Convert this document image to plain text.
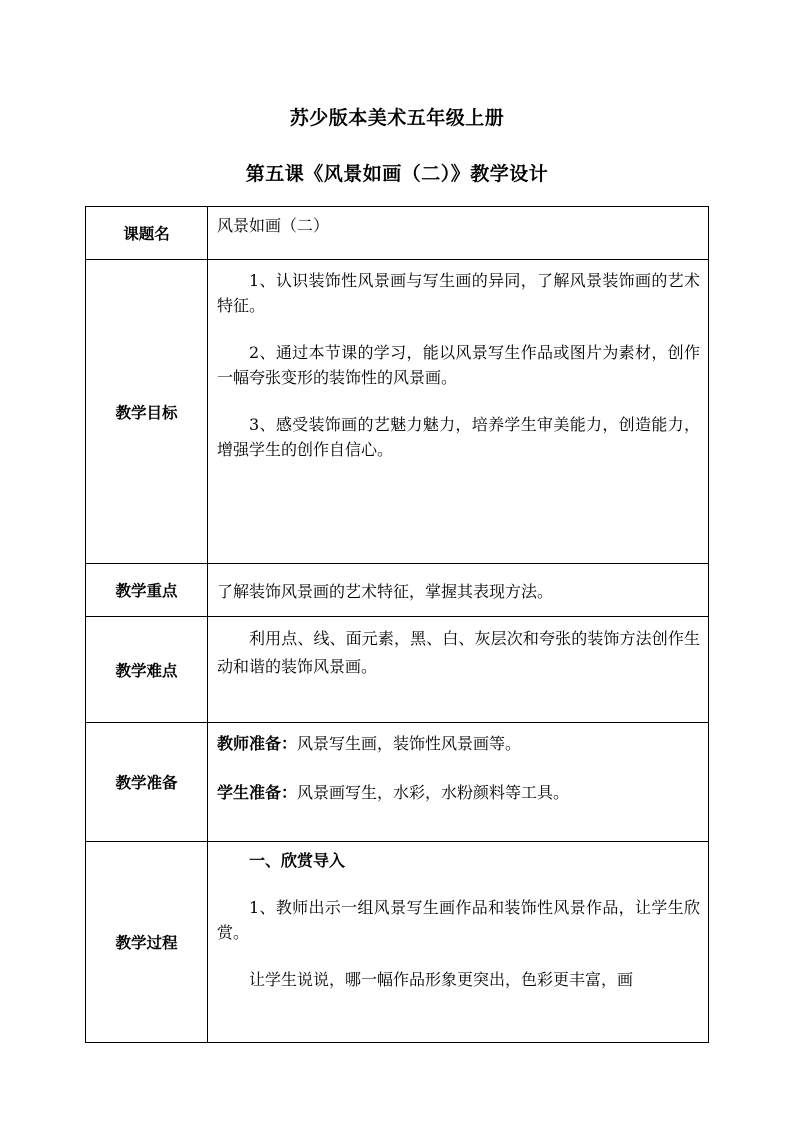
苏少版本美术五年级上册
第五课《风景如画（二）》教学设计
课题名	风景如画（二）

教学目标	1、认识装饰性风景画与写生画的异同，了解风景装饰画的艺术特征。

2、通过本节课的学习，能以风景写生作品或图片为素材，创作一幅夸张变形的装饰性的风景画。

3、感受装饰画的艺魅力魅力，培养学生审美能力，创造能力，增强学生的创作自信心。

教学重点	了解装饰风景画的艺术特征，掌握其表现方法。

教学难点	利用点、线、面元素，黑、白、灰层次和夸张的装饰方法创作生动和谐的装饰风景画。

教学准备	教师准备：风景写生画，装饰性风景画等。

学生准备：风景画写生，水彩，水粉颜料等工具。

教学过程	一、欣赏导入

1、教师出示一组风景写生画作品和装饰性风景作品，让学生欣赏。

让学生说说，哪一幅作品形象更突出，色彩更丰富，画
